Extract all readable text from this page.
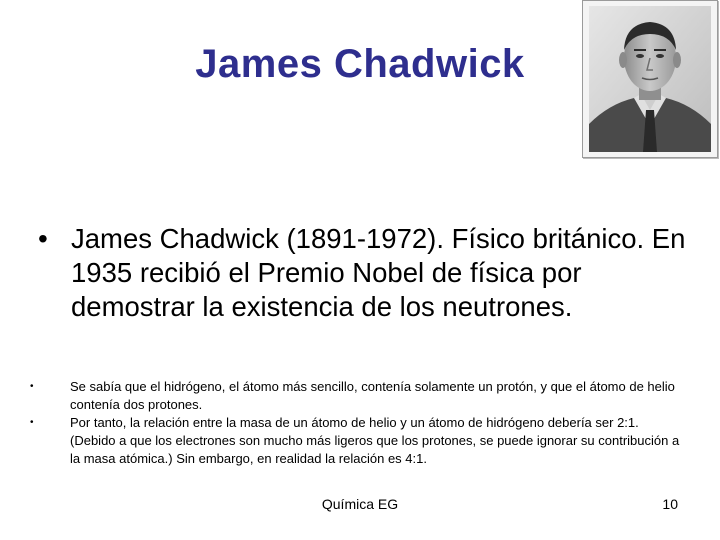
James Chadwick
• James Chadwick (1891-1972). Físico británico. En 1935 recibió el Premio Nobel de física por demostrar la existencia de los neutrones.
•	Se sabía que el hidrógeno, el átomo más sencillo, contenía solamente un protón, y que el átomo de helio contenía dos protones.
•	Por tanto, la relación entre la masa de un átomo de helio y un átomo de hidrógeno debería ser 2:1. (Debido a que los electrones son mucho más ligeros que los protones, se puede ignorar su contribución a la masa atómica.) Sin embargo, en realidad la relación es 4:1.
Química EG	10
